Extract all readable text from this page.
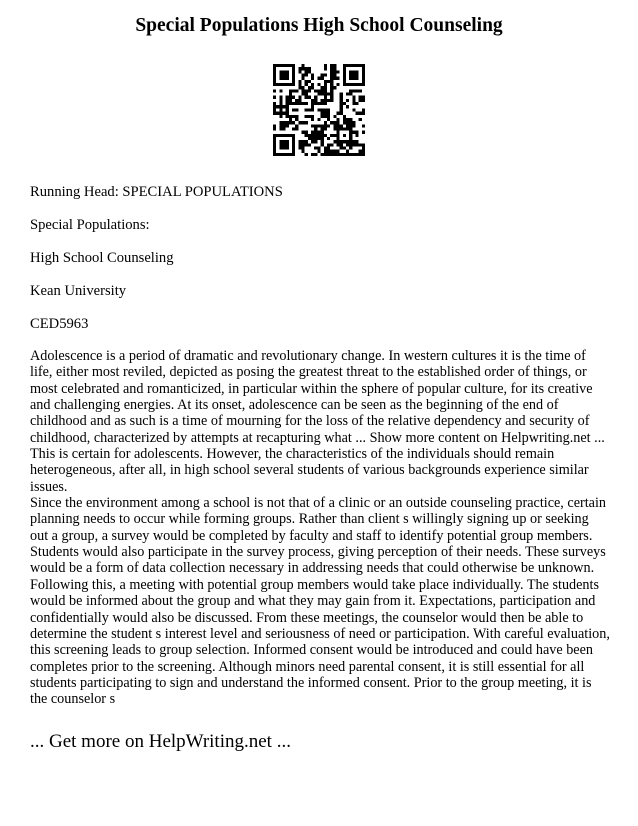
Special Populations High School Counseling
Running Head: SPECIAL POPULATIONS
Special Populations:
High School Counseling
Kean University
CED5963

Adolescence is a period of dramatic and revolutionary change. In western cultures it is the time of life, either most reviled, depicted as posing the greatest threat to the established order of things, or most celebrated and romanticized, in particular within the sphere of popular culture, for its creative and challenging energies. At its onset, adolescence can be seen as the beginning of the end of childhood and as such is a time of mourning for the loss of the relative dependency and security of childhood, characterized by attempts at recapturing what ... Show more content on Helpwriting.net ...

This is certain for adolescents. However, the characteristics of the individuals should remain heterogeneous, after all, in high school several students of various backgrounds experience similar issues.

Since the environment among a school is not that of a clinic or an outside counseling practice, certain planning needs to occur while forming groups. Rather than client s willingly signing up or seeking out a group, a survey would be completed by faculty and staff to identify potential group members. Students would also participate in the survey process, giving perception of their needs. These surveys would be a form of data collection necessary in addressing needs that could otherwise be unknown. Following this, a meeting with potential group members would take place individually. The students would be informed about the group and what they may gain from it. Expectations, participation and confidentially would also be discussed. From these meetings, the counselor would then be able to determine the student s interest level and seriousness of need or participation. With careful evaluation, this screening leads to group selection. Informed consent would be introduced and could have been completes prior to the screening. Although minors need parental consent, it is still essential for all students participating to sign and understand the informed consent. Prior to the group meeting, it is the counselor s

... Get more on HelpWriting.net ...
